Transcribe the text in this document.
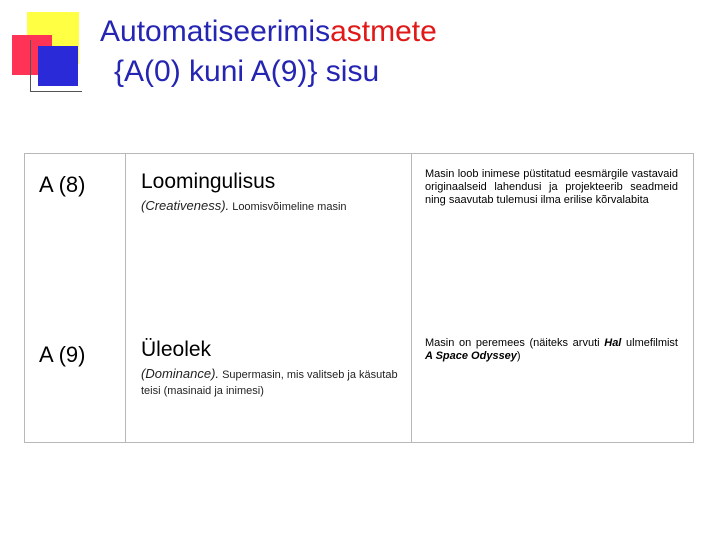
Automatiseerimisastmete
{A(0) kuni A(9)} sisu
A (8)	Loomingulisus
(Creativeness). Loomisvõimeline masin
Masin loob inimese püstitatud eesmärgile vastavaid originaalseid lahendusi ja projekteerib seadmeid ning saavutab tulemusi ilma erilise kõrvalabita
A (9)	Üleolek
(Dominance). Supermasin, mis valitseb ja käsutab teisi (masinaid ja inimesi)
Masin on peremees (näiteks arvuti Hal ulmefilmist A Space Odyssey)
